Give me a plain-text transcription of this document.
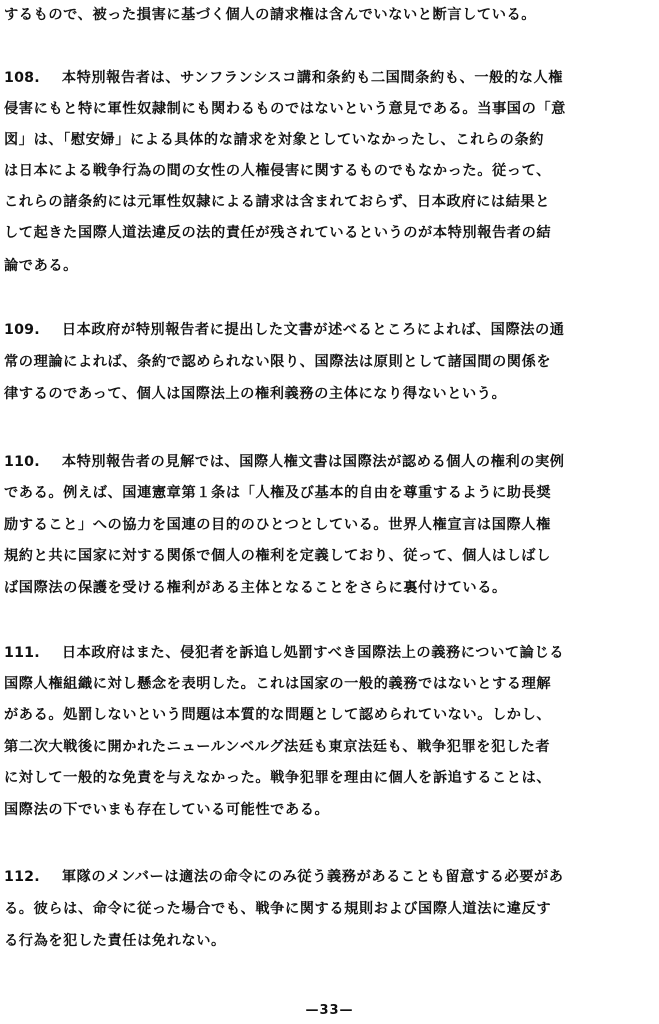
するもので、被った損害に基づく個人の請求権は含んでいないと断言している。
108. 本特別報告者は、サンフランシスコ講和条約も二国間条約も、一般的な人権
侵害にもと特に軍性奴隷制にも関わるものではないという意見である。当事国の「意
図」は、「慰安婦」による具体的な請求を対象としていなかったし、これらの条約
は日本による戦争行為の間の女性の人権侵害に関するものでもなかった。従って、
これらの諸条約には元軍性奴隷による請求は含まれておらず、日本政府には結果と
して起きた国際人道法違反の法的責任が残されているというのが本特別報告者の結
論である。
109. 日本政府が特別報告者に提出した文書が述べるところによれば、国際法の通
常の理論によれば、条約で認められない限り、国際法は原則として諸国間の関係を
律するのであって、個人は国際法上の権利義務の主体になり得ないという。
110. 本特別報告者の見解では、国際人権文書は国際法が認める個人の権利の実例
である。例えば、国連憲章第１条は「人権及び基本的自由を尊重するように助長奨
励すること」への協力を国連の目的のひとつとしている。世界人権宣言は国際人権
規約と共に国家に対する関係で個人の権利を定義しており、従って、個人はしばし
ば国際法の保護を受ける権利がある主体となることをさらに裏付けている。
111. 日本政府はまた、侵犯者を訴追し処罰すべき国際法上の義務について論じる
国際人権組織に対し懸念を表明した。これは国家の一般的義務ではないとする理解
がある。処罰しないという問題は本質的な問題として認められていない。しかし、
第二次大戦後に開かれたニュールンベルグ法廷も東京法廷も、戦争犯罪を犯した者
に対して一般的な免責を与えなかった。戦争犯罪を理由に個人を訴追することは、
国際法の下でいまも存在している可能性である。
112. 軍隊のメンバーは適法の命令にのみ従う義務があることも留意する必要があ
る。彼らは、命令に従った場合でも、戦争に関する規則および国際人道法に違反す
る行為を犯した責任は免れない。
—33—
